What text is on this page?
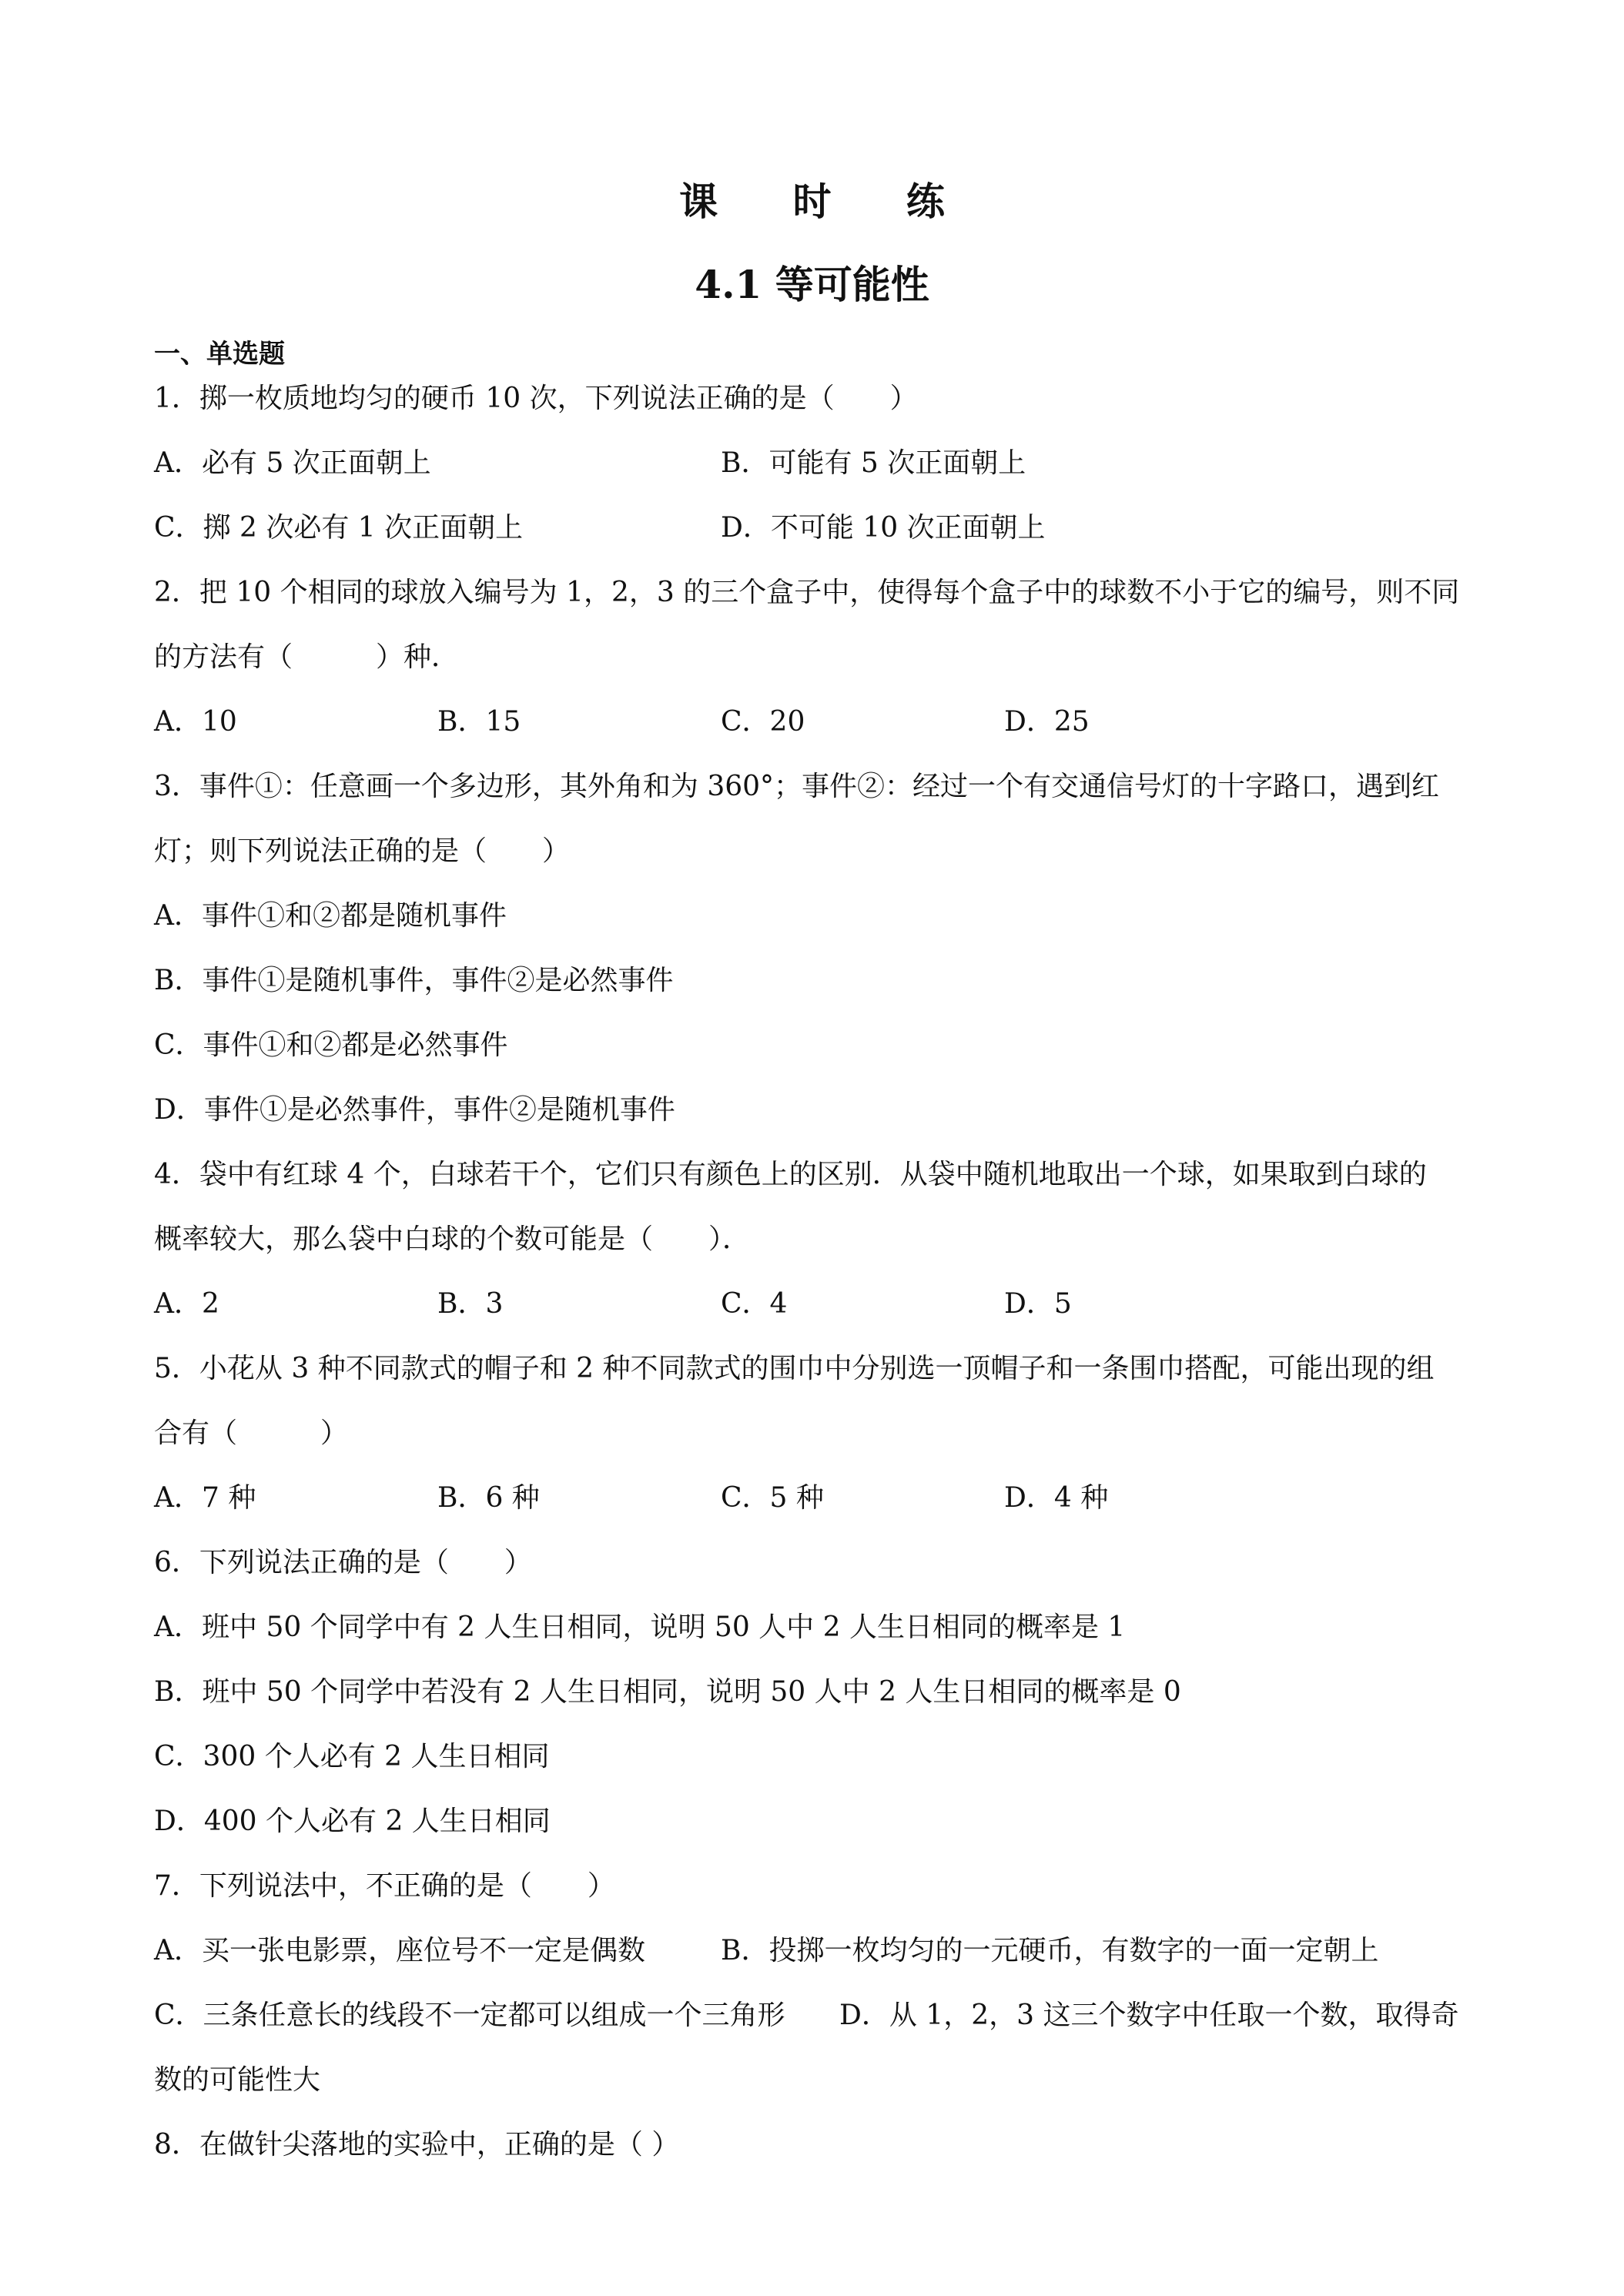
课 时 练
4.1 等可能性
一、单选题
1．掷一枚质地均匀的硬币 10 次，下列说法正确的是（　　）
A．必有 5 次正面朝上	B．可能有 5 次正面朝上
C．掷 2 次必有 1 次正面朝上	D．不可能 10 次正面朝上
2．把 10 个相同的球放入编号为 1，2，3 的三个盒子中，使得每个盒子中的球数不小于它的编号，则不同
的方法有（　　　）种．
A．10	B．15	C．20	D．25
3．事件①：任意画一个多边形，其外角和为 360°；事件②：经过一个有交通信号灯的十字路口，遇到红
灯；则下列说法正确的是（　　）
A．事件①和②都是随机事件
B．事件①是随机事件，事件②是必然事件
C．事件①和②都是必然事件
D．事件①是必然事件，事件②是随机事件
4．袋中有红球 4 个，白球若干个，它们只有颜色上的区别．从袋中随机地取出一个球，如果取到白球的
概率较大，那么袋中白球的个数可能是（　　）．
A．2	B．3	C．4	D．5
5．小花从 3 种不同款式的帽子和 2 种不同款式的围巾中分别选一顶帽子和一条围巾搭配，可能出现的组
合有（　　　）
A．7 种	B．6 种	C．5 种	D．4 种
6．下列说法正确的是（　　）
A．班中 50 个同学中有 2 人生日相同，说明 50 人中 2 人生日相同的概率是 1
B．班中 50 个同学中若没有 2 人生日相同，说明 50 人中 2 人生日相同的概率是 0
C．300 个人必有 2 人生日相同
D．400 个人必有 2 人生日相同
7．下列说法中，不正确的是（　　）
A．买一张电影票，座位号不一定是偶数	B．投掷一枚均匀的一元硬币，有数字的一面一定朝上
C．三条任意长的线段不一定都可以组成一个三角形 D．从 1，2，3 这三个数字中任取一个数，取得奇
数的可能性大
8．在做针尖落地的实验中，正确的是（ ）
